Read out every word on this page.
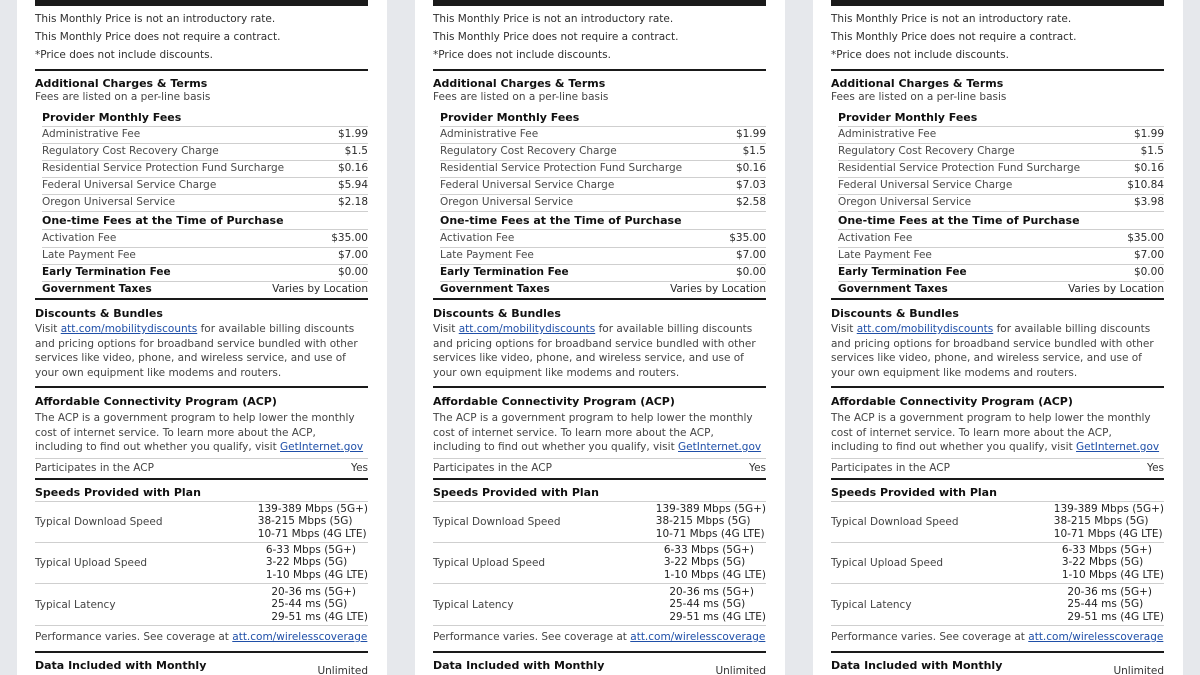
This Monthly Price is not an introductory rate.
This Monthly Price does not require a contract.
*Price does not include discounts.
Additional Charges & Terms
Fees are listed on a per-line basis
Provider Monthly Fees
Administrative Fee	$1.99
Regulatory Cost Recovery Charge	$1.5
Residential Service Protection Fund Surcharge	$0.16
Federal Universal Service Charge	$5.94
Oregon Universal Service	$2.18
One-time Fees at the Time of Purchase
Activation Fee	$35.00
Late Payment Fee	$7.00
Early Termination Fee	$0.00
Government Taxes	Varies by Location
Discounts & Bundles
Visit att.com/mobilitydiscounts for available billing discounts and pricing options for broadband service bundled with other services like video, phone, and wireless service, and use of your own equipment like modems and routers.
Affordable Connectivity Program (ACP)
The ACP is a government program to help lower the monthly cost of internet service. To learn more about the ACP, including to find out whether you qualify, visit GetInternet.gov
Participates in the ACP	Yes
Speeds Provided with Plan
Typical Download Speed
139-389 Mbps (5G+)
38-215 Mbps (5G)
10-71 Mbps (4G LTE)
Typical Upload Speed
6-33 Mbps (5G+)
3-22 Mbps (5G)
1-10 Mbps (4G LTE)
Typical Latency
20-36 ms (5G+)
25-44 ms (5G)
29-51 ms (4G LTE)
Performance varies. See coverage at att.com/wirelesscoverage
Data Included with Monthly	Unlimited
This Monthly Price is not an introductory rate.
This Monthly Price does not require a contract.
*Price does not include discounts.
Additional Charges & Terms
Fees are listed on a per-line basis
Provider Monthly Fees
Administrative Fee	$1.99
Regulatory Cost Recovery Charge	$1.5
Residential Service Protection Fund Surcharge	$0.16
Federal Universal Service Charge	$7.03
Oregon Universal Service	$2.58
One-time Fees at the Time of Purchase
Activation Fee	$35.00
Late Payment Fee	$7.00
Early Termination Fee	$0.00
Government Taxes	Varies by Location
Discounts & Bundles
Visit att.com/mobilitydiscounts for available billing discounts and pricing options for broadband service bundled with other services like video, phone, and wireless service, and use of your own equipment like modems and routers.
Affordable Connectivity Program (ACP)
The ACP is a government program to help lower the monthly cost of internet service. To learn more about the ACP, including to find out whether you qualify, visit GetInternet.gov
Participates in the ACP	Yes
Speeds Provided with Plan
Typical Download Speed
139-389 Mbps (5G+)
38-215 Mbps (5G)
10-71 Mbps (4G LTE)
Typical Upload Speed
6-33 Mbps (5G+)
3-22 Mbps (5G)
1-10 Mbps (4G LTE)
Typical Latency
20-36 ms (5G+)
25-44 ms (5G)
29-51 ms (4G LTE)
Performance varies. See coverage at att.com/wirelesscoverage
Data Included with Monthly	Unlimited
This Monthly Price is not an introductory rate.
This Monthly Price does not require a contract.
*Price does not include discounts.
Additional Charges & Terms
Fees are listed on a per-line basis
Provider Monthly Fees
Administrative Fee	$1.99
Regulatory Cost Recovery Charge	$1.5
Residential Service Protection Fund Surcharge	$0.16
Federal Universal Service Charge	$10.84
Oregon Universal Service	$3.98
One-time Fees at the Time of Purchase
Activation Fee	$35.00
Late Payment Fee	$7.00
Early Termination Fee	$0.00
Government Taxes	Varies by Location
Discounts & Bundles
Visit att.com/mobilitydiscounts for available billing discounts and pricing options for broadband service bundled with other services like video, phone, and wireless service, and use of your own equipment like modems and routers.
Affordable Connectivity Program (ACP)
The ACP is a government program to help lower the monthly cost of internet service. To learn more about the ACP, including to find out whether you qualify, visit GetInternet.gov
Participates in the ACP	Yes
Speeds Provided with Plan
Typical Download Speed
139-389 Mbps (5G+)
38-215 Mbps (5G)
10-71 Mbps (4G LTE)
Typical Upload Speed
6-33 Mbps (5G+)
3-22 Mbps (5G)
1-10 Mbps (4G LTE)
Typical Latency
20-36 ms (5G+)
25-44 ms (5G)
29-51 ms (4G LTE)
Performance varies. See coverage at att.com/wirelesscoverage
Data Included with Monthly	Unlimited
